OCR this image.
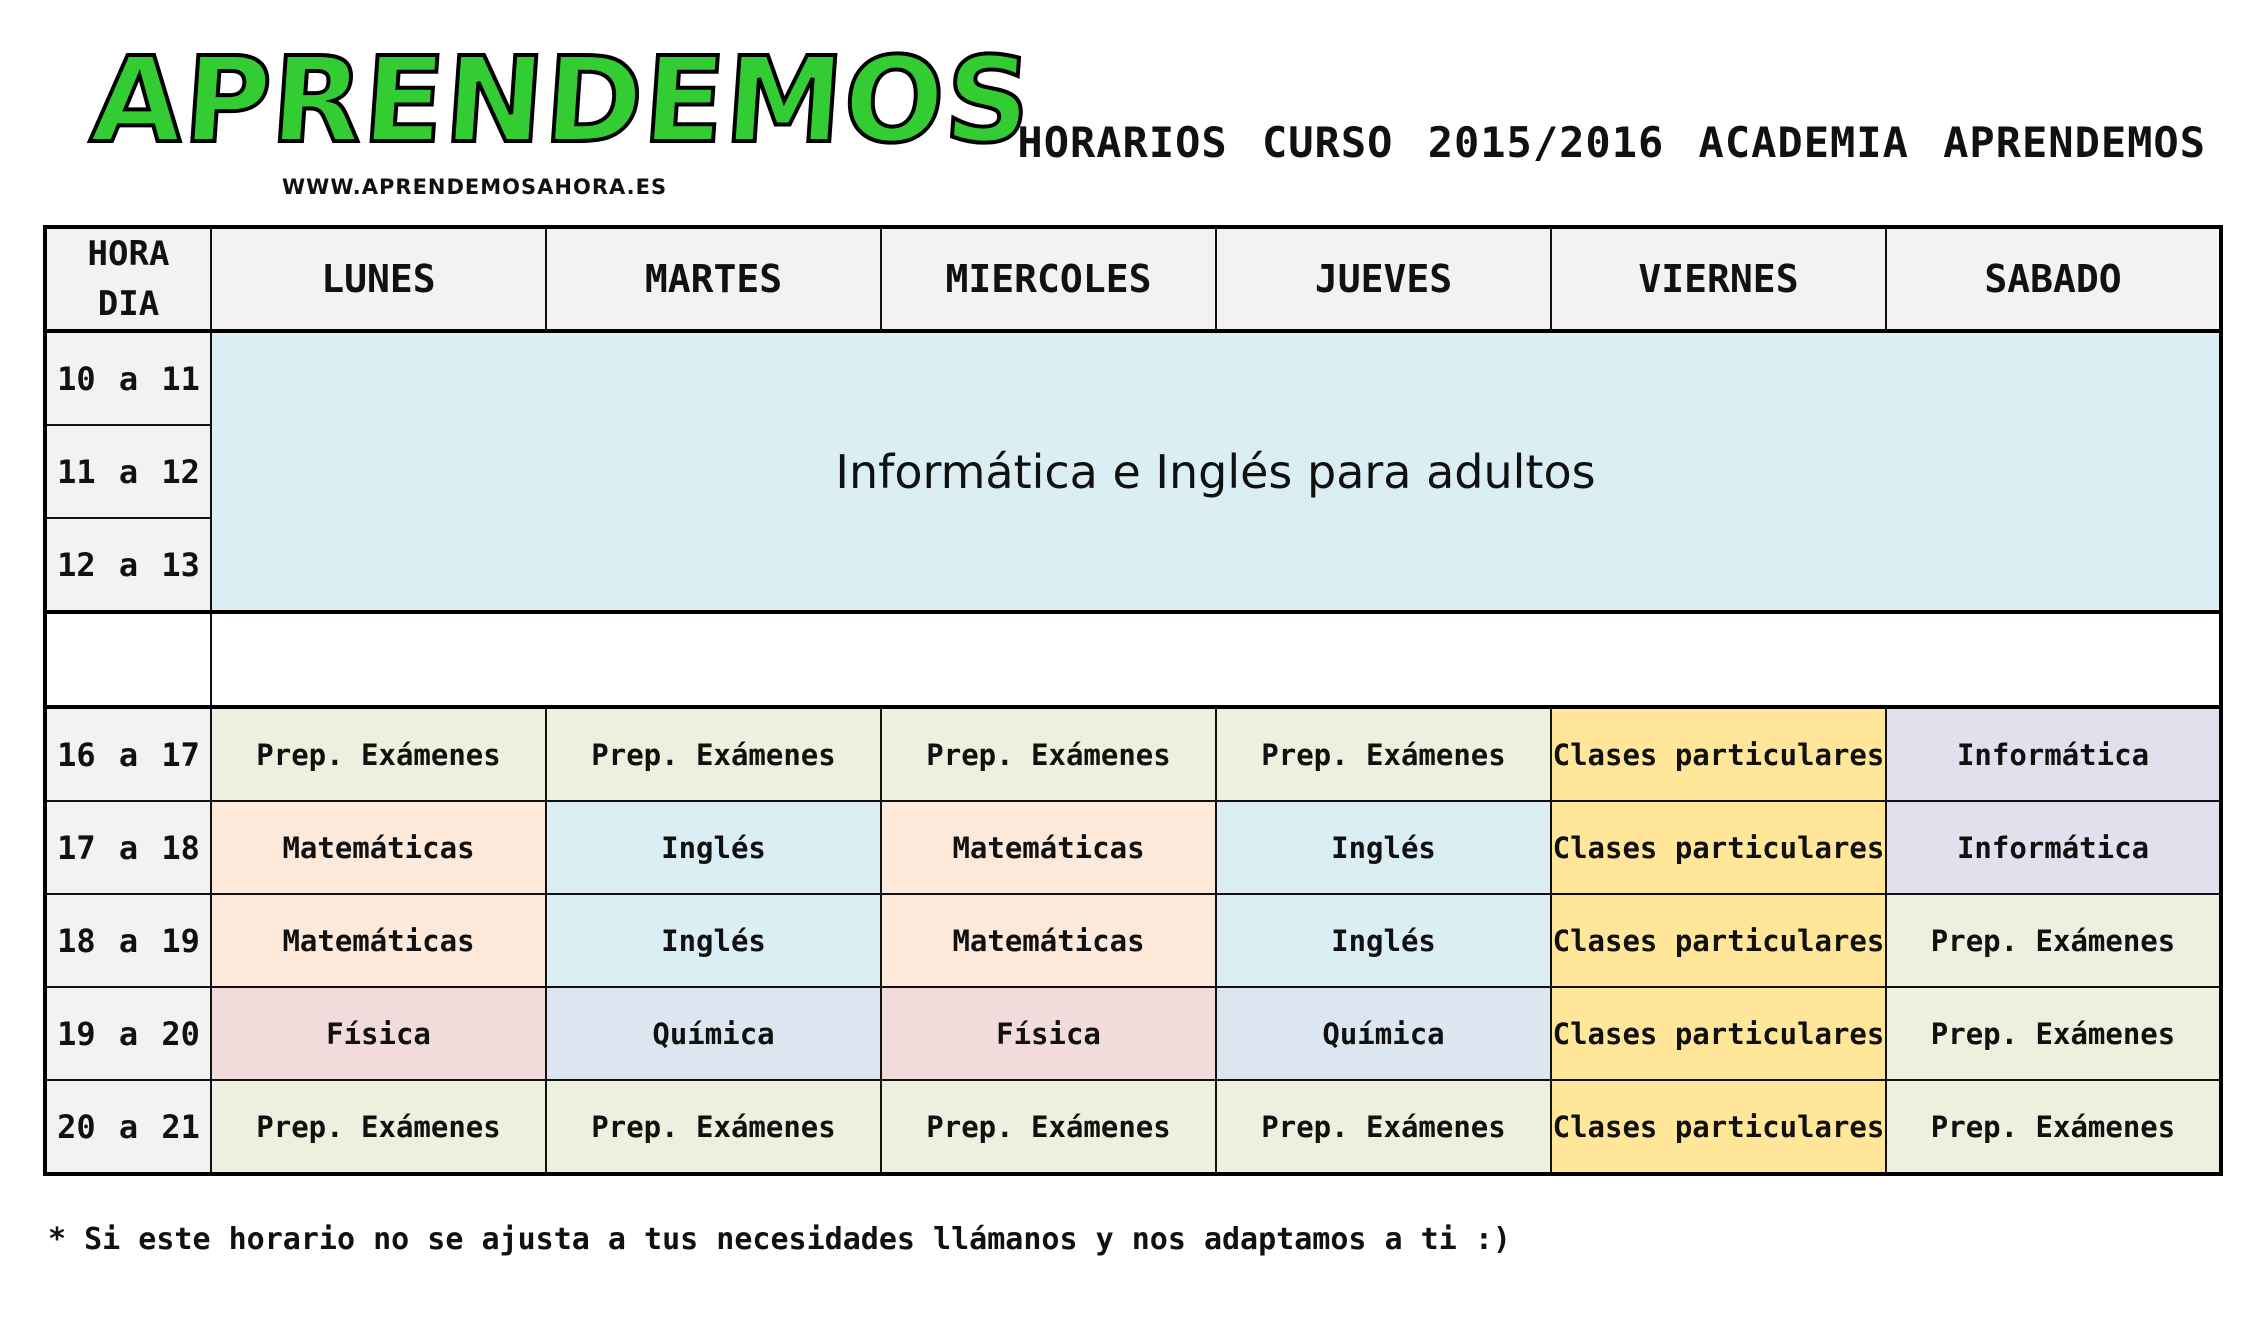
APRENDEMOS
WWW.APRENDEMOSAHORA.ES
HORARIOS CURSO 2015/2016 ACADEMIA APRENDEMOS
HORA
DIA	LUNES	MARTES	MIERCOLES	JUEVES	VIERNES	SABADO
10 a 11	Informática e Inglés para adultos					
11 a 12						
12 a 13						

16 a 17	Prep. Exámenes	Prep. Exámenes	Prep. Exámenes	Prep. Exámenes	Clases particulares	Informática
17 a 18	Matemáticas	Inglés	Matemáticas	Inglés	Clases particulares	Informática
18 a 19	Matemáticas	Inglés	Matemáticas	Inglés	Clases particulares	Prep. Exámenes
19 a 20	Física	Química	Física	Química	Clases particulares	Prep. Exámenes
20 a 21	Prep. Exámenes	Prep. Exámenes	Prep. Exámenes	Prep. Exámenes	Clases particulares	Prep. Exámenes
* Si este horario no se ajusta a tus necesidades llámanos y nos adaptamos a ti :)
